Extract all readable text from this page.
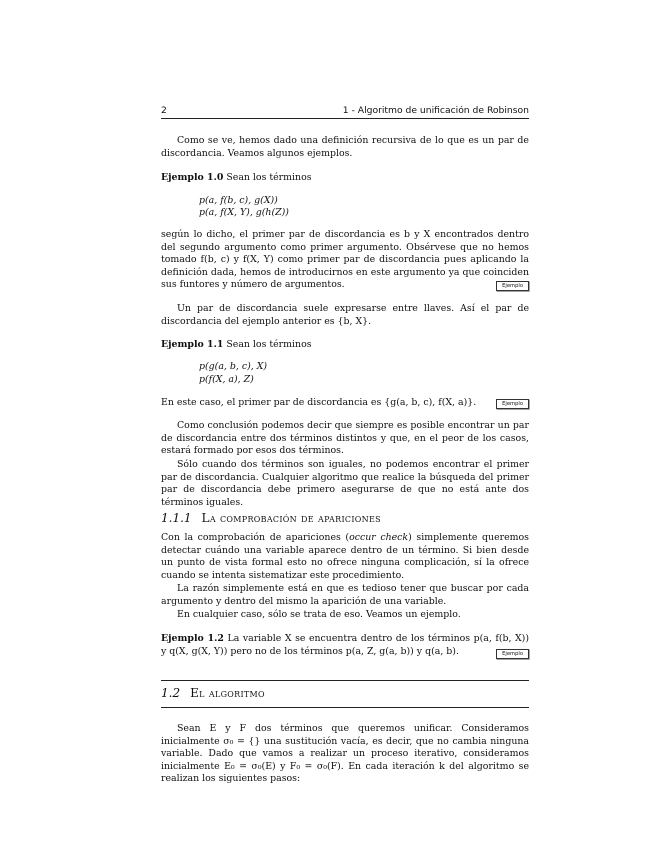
2	1 - Algoritmo de unificación de Robinson

Como se ve, hemos dado una definición recursiva de lo que es un par de discordancia. Veamos algunos ejemplos.

Ejemplo 1.0 Sean los términos

p(a, f(b, c), g(X))
p(a, f(X, Y), g(h(Z))

según lo dicho, el primer par de discordancia es b y X encontrados dentro del segundo argumento como primer argumento. Obsérvese que no hemos tomado f(b, c) y f(X, Y) como primer par de discordancia pues aplicando la definición dada, hemos de introducirnos en este argumento ya que coinciden sus funtores y número de argumentos.	Ejemplo

Un par de discordancia suele expresarse entre llaves. Así el par de discordancia del ejemplo anterior es {b, X}.

Ejemplo 1.1 Sean los términos

p(g(a, b, c), X)
p(f(X, a), Z)

En este caso, el primer par de discordancia es {g(a, b, c), f(X, a)}.	Ejemplo

Como conclusión podemos decir que siempre es posible encontrar un par de discordancia entre dos términos distintos y que, en el peor de los casos, estará formado por esos dos términos.

Sólo cuando dos términos son iguales, no podemos encontrar el primer par de discordancia. Cualquier algoritmo que realice la búsqueda del primer par de discordancia debe primero asegurarse de que no está ante dos términos iguales.

1.1.1 La comprobación de apariciones

Con la comprobación de apariciones (occur check) simplemente queremos detectar cuándo una variable aparece dentro de un término. Si bien desde un punto de vista formal esto no ofrece ninguna complicación, sí la ofrece cuando se intenta sistematizar este procedimiento.

La razón simplemente está en que es tedioso tener que buscar por cada argumento y dentro del mismo la aparición de una variable.

En cualquier caso, sólo se trata de eso. Veamos un ejemplo.

Ejemplo 1.2 La variable X se encuentra dentro de los términos p(a, f(b, X)) y q(X, g(X, Y)) pero no de los términos p(a, Z, g(a, b)) y q(a, b).	Ejemplo
1.2 El algoritmo

Sean E y F dos términos que queremos unificar. Consideramos inicialmente σ₀ = {} una sustitución vacía, es decir, que no cambia ninguna variable. Dado que vamos a realizar un proceso iterativo, consideramos inicialmente E₀ = σ₀(E) y F₀ = σ₀(F). En cada iteración k del algoritmo se realizan los siguientes pasos:
